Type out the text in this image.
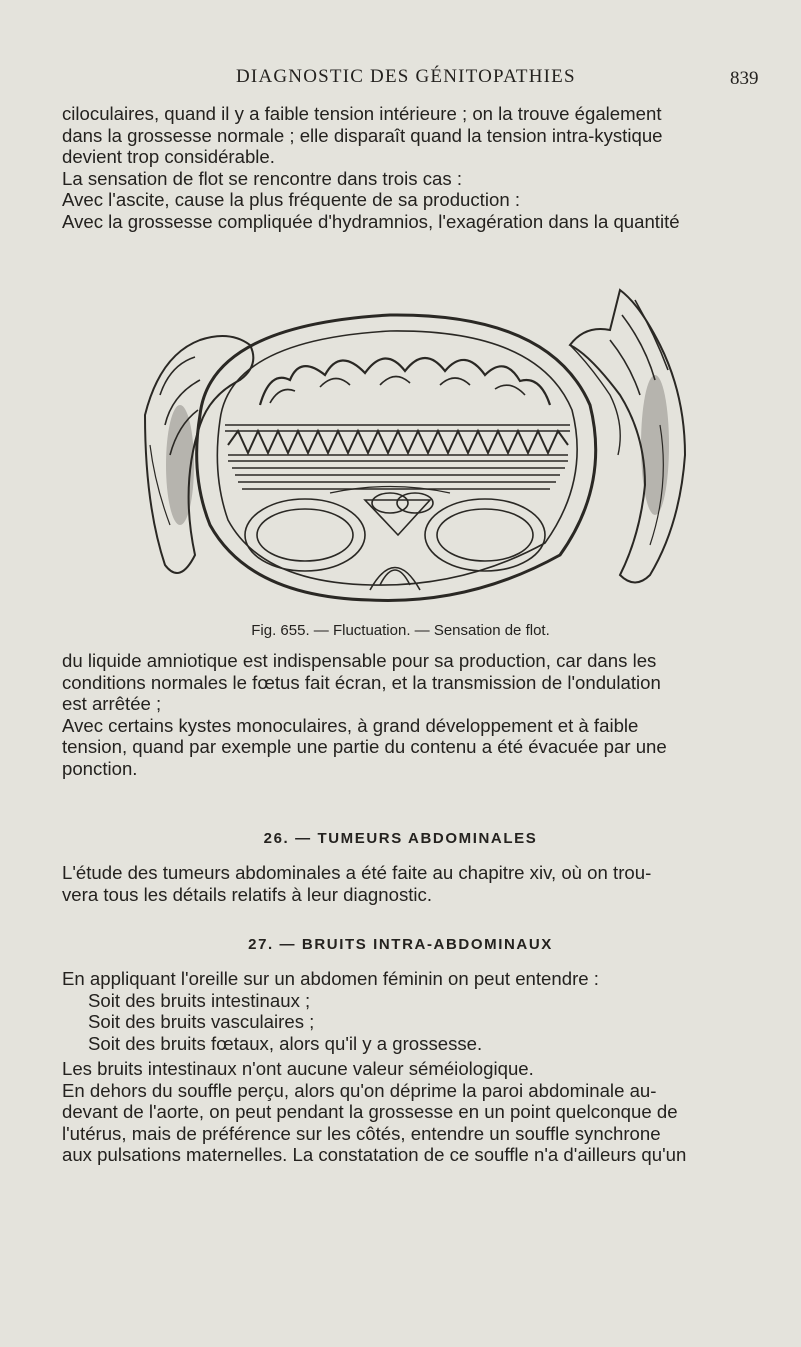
DIAGNOSTIC DES GÉNITOPATHIES	839
ciloculaires, quand il y a faible tension intérieure ; on la trouve également
dans la grossesse normale ; elle disparaît quand la tension intra-kystique
devient trop considérable.
La sensation de flot se rencontre dans trois cas :
Avec l'ascite, cause la plus fréquente de sa production :
Avec la grossesse compliquée d'hydramnios, l'exagération dans la quantité
Fig. 655. — Fluctuation. — Sensation de flot.
du liquide amniotique est indispensable pour sa production, car dans les
conditions normales le fœtus fait écran, et la transmission de l'ondulation
est arrêtée ;
Avec certains kystes monoculaires, à grand développement et à faible
tension, quand par exemple une partie du contenu a été évacuée par une
ponction.
26. — TUMEURS ABDOMINALES
L'étude des tumeurs abdominales a été faite au chapitre xiv, où on trou-
vera tous les détails relatifs à leur diagnostic.
27. — BRUITS INTRA-ABDOMINAUX
En appliquant l'oreille sur un abdomen féminin on peut entendre :
Soit des bruits intestinaux ;
Soit des bruits vasculaires ;
Soit des bruits fœtaux, alors qu'il y a grossesse.
Les bruits intestinaux n'ont aucune valeur séméiologique.
En dehors du souffle perçu, alors qu'on déprime la paroi abdominale au-
devant de l'aorte, on peut pendant la grossesse en un point quelconque de
l'utérus, mais de préférence sur les côtés, entendre un souffle synchrone
aux pulsations maternelles. La constatation de ce souffle n'a d'ailleurs qu'un
